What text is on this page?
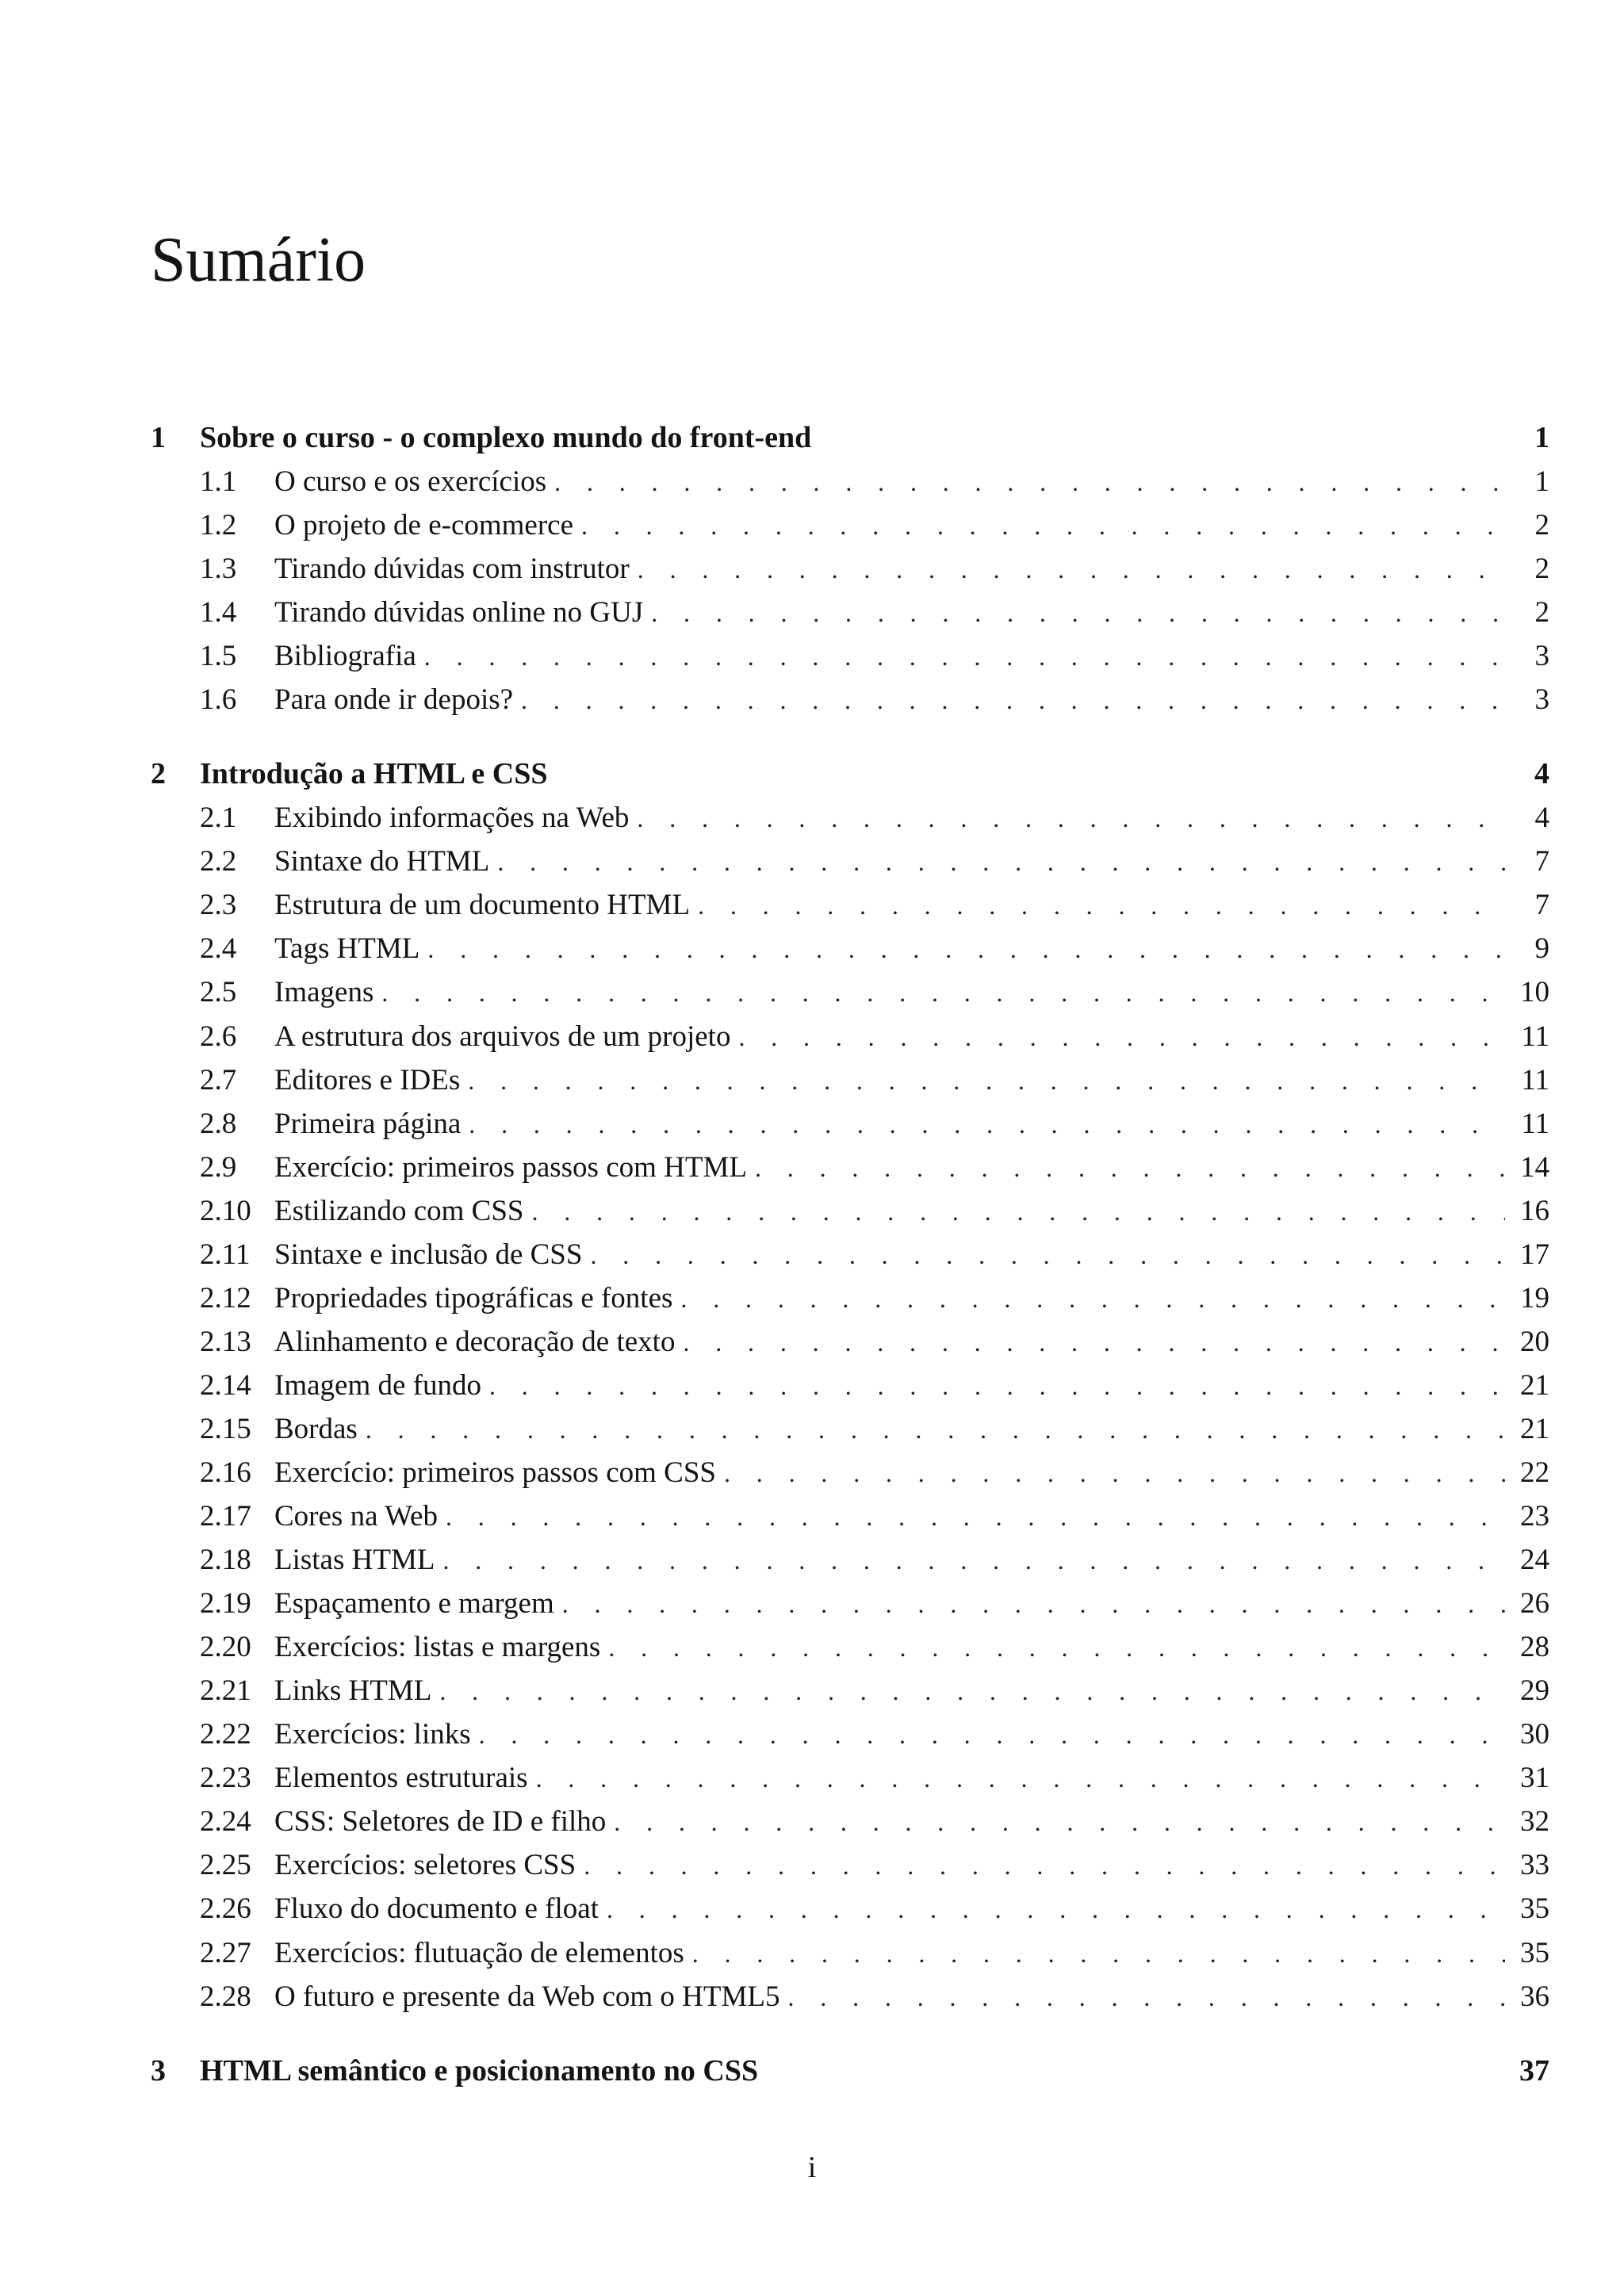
Sumário
1	Sobre o curso - o complexo mundo do front-end	1
1.1	O curso e os exercícios . . .	1
1.2	O projeto de e-commerce . . .	2
1.3	Tirando dúvidas com instrutor . . .	2
1.4	Tirando dúvidas online no GUJ . . .	2
1.5	Bibliografia . . .	3
1.6	Para onde ir depois? . . .	3
2	Introdução a HTML e CSS	4
2.1	Exibindo informações na Web . . .	4
2.2	Sintaxe do HTML . . .	7
2.3	Estrutura de um documento HTML . . .	7
2.4	Tags HTML . . .	9
2.5	Imagens . . .	10
2.6	A estrutura dos arquivos de um projeto . . .	11
2.7	Editores e IDEs . . .	11
2.8	Primeira página . . .	11
2.9	Exercício: primeiros passos com HTML . . .	14
2.10 Estilizando com CSS . . .	16
2.11 Sintaxe e inclusão de CSS . . .	17
2.12 Propriedades tipográficas e fontes . . .	19
2.13 Alinhamento e decoração de texto . . .	20
2.14 Imagem de fundo . . .	21
2.15 Bordas . . .	21
2.16 Exercício: primeiros passos com CSS . . .	22
2.17 Cores na Web . . .	23
2.18 Listas HTML . . .	24
2.19 Espaçamento e margem . . .	26
2.20 Exercícios: listas e margens . . .	28
2.21 Links HTML . . .	29
2.22 Exercícios: links . . .	30
2.23 Elementos estruturais . . .	31
2.24 CSS: Seletores de ID e filho . . .	32
2.25 Exercícios: seletores CSS . . .	33
2.26 Fluxo do documento e float . . .	35
2.27 Exercícios: flutuação de elementos . . .	35
2.28 O futuro e presente da Web com o HTML5 . . .	36
3	HTML semântico e posicionamento no CSS	37
i
